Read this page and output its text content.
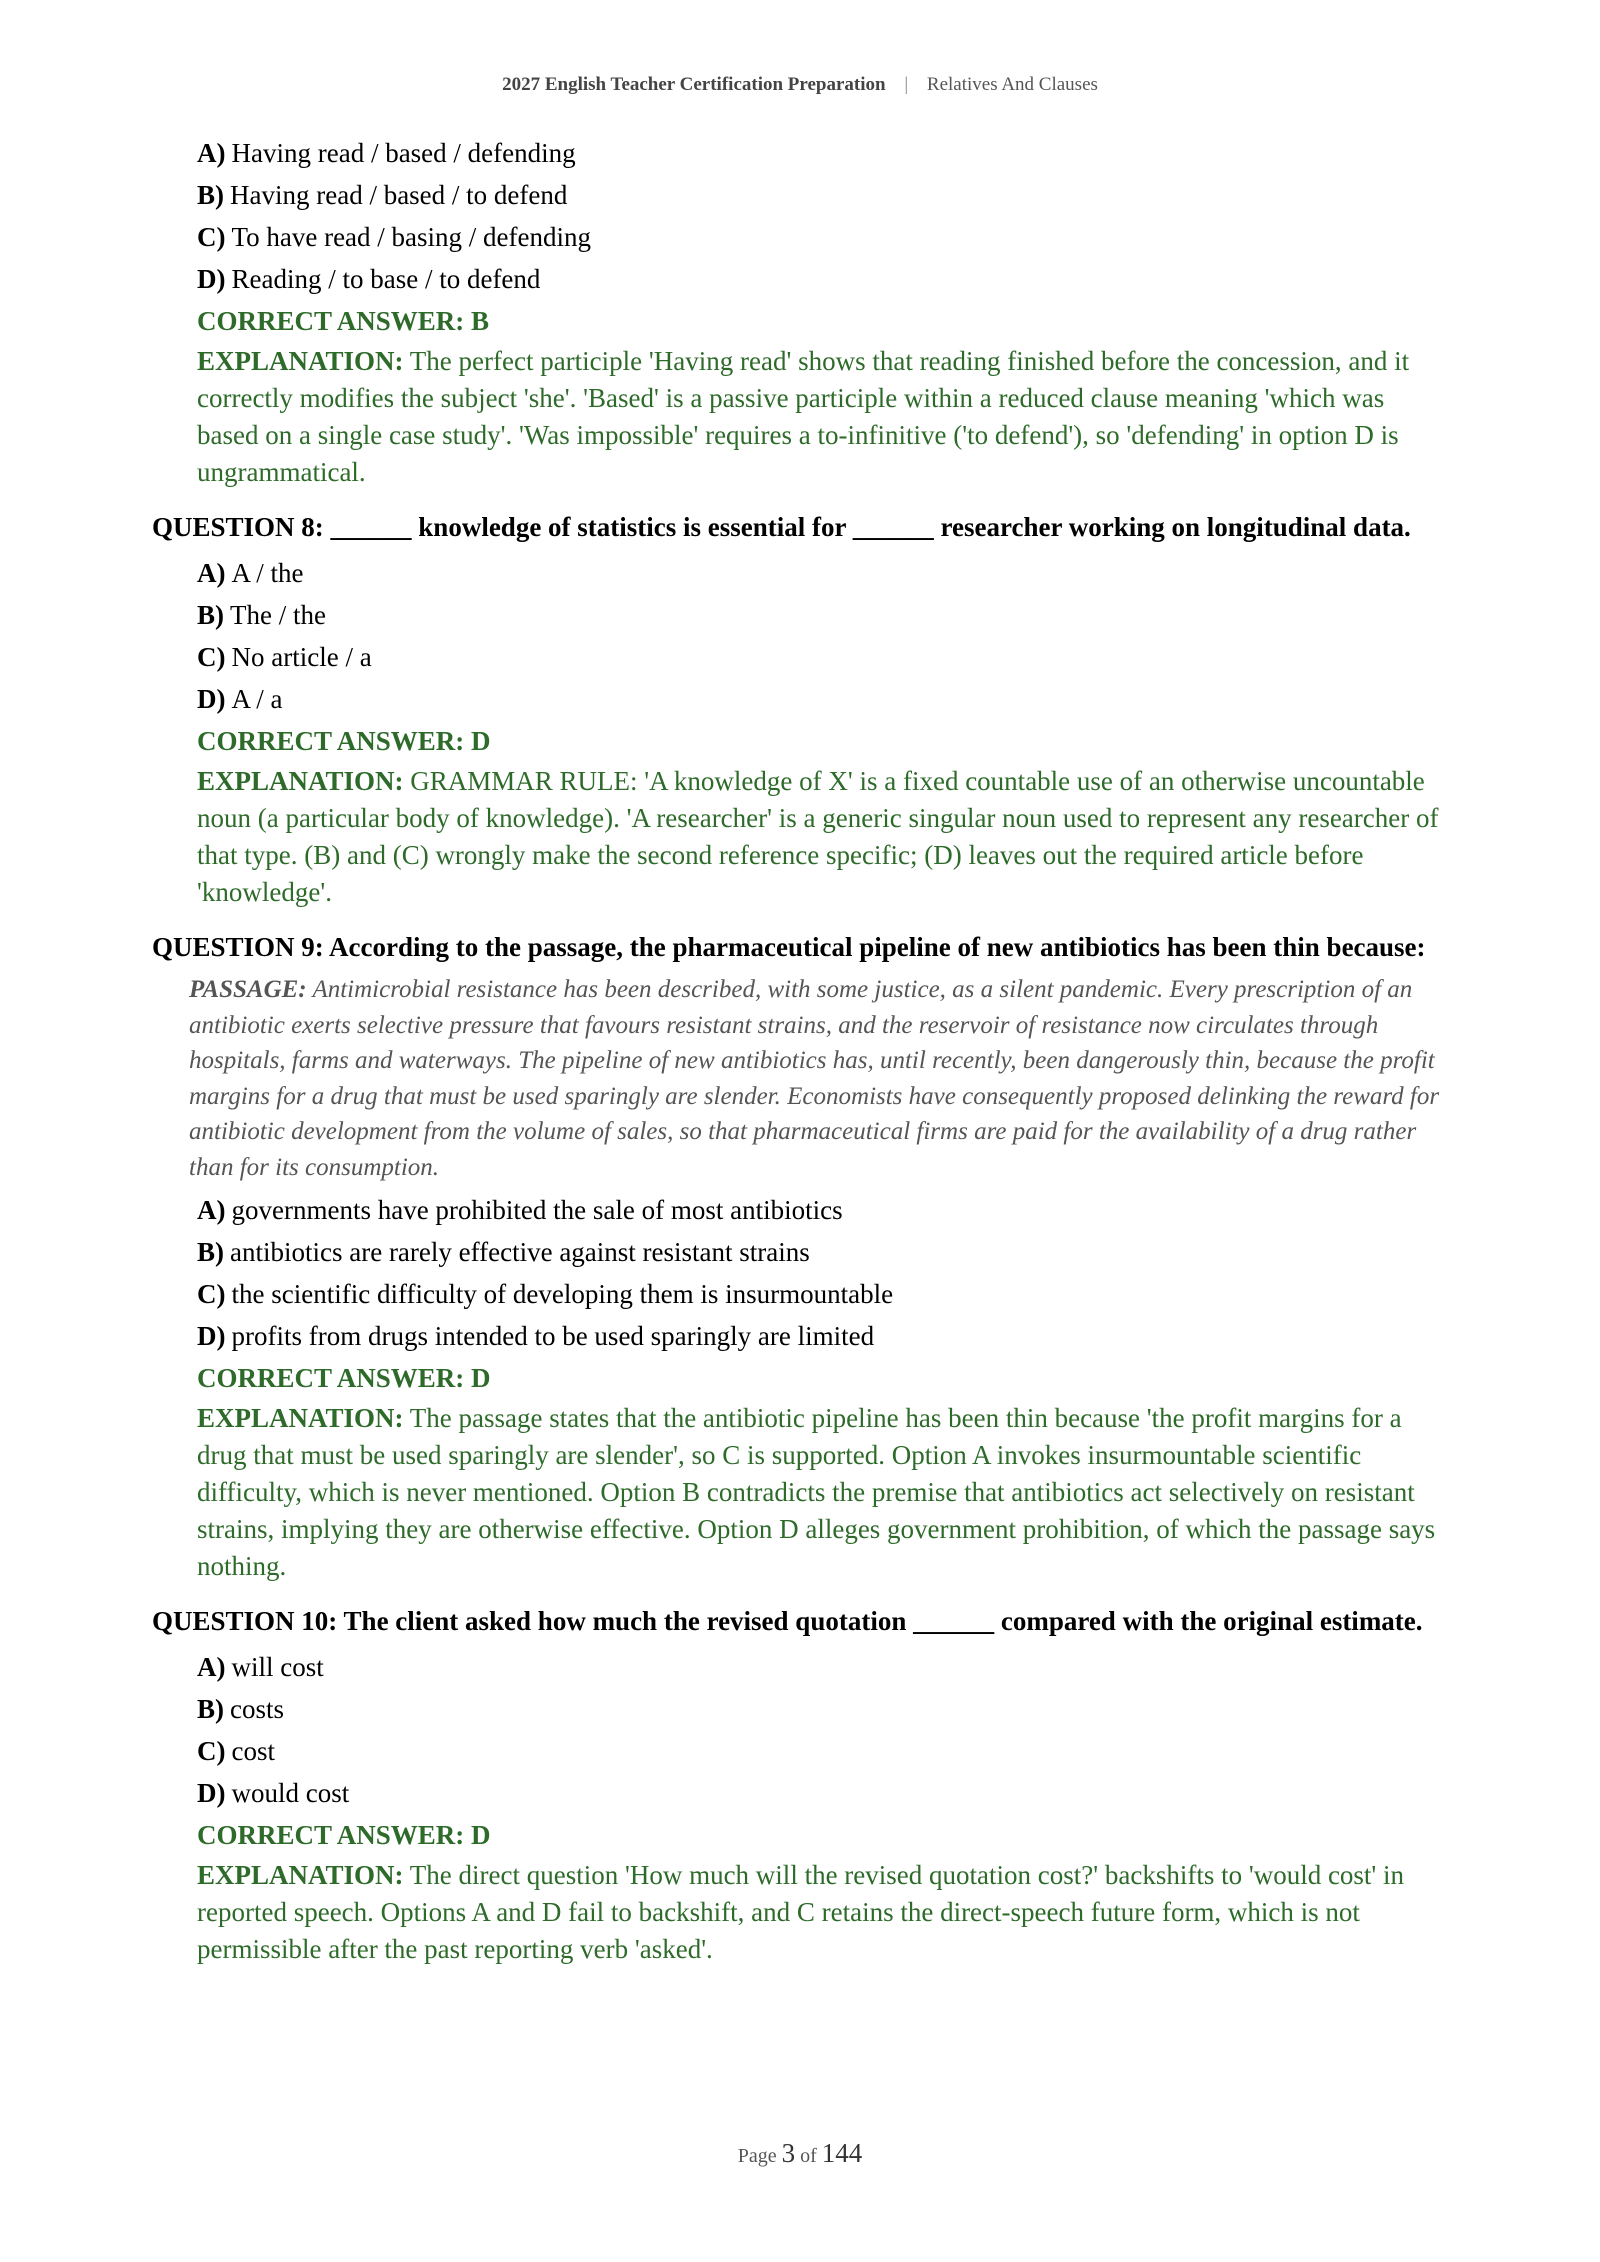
2027 English Teacher Certification Preparation | Relatives And Clauses
A) Having read / based / defending
B) Having read / based / to defend
C) To have read / basing / defending
D) Reading / to base / to defend
CORRECT ANSWER: B
EXPLANATION: The perfect participle 'Having read' shows that reading finished before the concession, and it correctly modifies the subject 'she'. 'Based' is a passive participle within a reduced clause meaning 'which was based on a single case study'. 'Was impossible' requires a to-infinitive ('to defend'), so 'defending' in option D is ungrammatical.
QUESTION 8: ______ knowledge of statistics is essential for ______ researcher working on longitudinal data.
A) A / the
B) The / the
C) No article / a
D) A / a
CORRECT ANSWER: D
EXPLANATION: GRAMMAR RULE: 'A knowledge of X' is a fixed countable use of an otherwise uncountable noun (a particular body of knowledge). 'A researcher' is a generic singular noun used to represent any researcher of that type. (B) and (C) wrongly make the second reference specific; (D) leaves out the required article before 'knowledge'.
QUESTION 9: According to the passage, the pharmaceutical pipeline of new antibiotics has been thin because:
PASSAGE: Antimicrobial resistance has been described, with some justice, as a silent pandemic. Every prescription of an antibiotic exerts selective pressure that favours resistant strains, and the reservoir of resistance now circulates through hospitals, farms and waterways. The pipeline of new antibiotics has, until recently, been dangerously thin, because the profit margins for a drug that must be used sparingly are slender. Economists have consequently proposed delinking the reward for antibiotic development from the volume of sales, so that pharmaceutical firms are paid for the availability of a drug rather than for its consumption.
A) governments have prohibited the sale of most antibiotics
B) antibiotics are rarely effective against resistant strains
C) the scientific difficulty of developing them is insurmountable
D) profits from drugs intended to be used sparingly are limited
CORRECT ANSWER: D
EXPLANATION: The passage states that the antibiotic pipeline has been thin because 'the profit margins for a drug that must be used sparingly are slender', so C is supported. Option A invokes insurmountable scientific difficulty, which is never mentioned. Option B contradicts the premise that antibiotics act selectively on resistant strains, implying they are otherwise effective. Option D alleges government prohibition, of which the passage says nothing.
QUESTION 10: The client asked how much the revised quotation ______ compared with the original estimate.
A) will cost
B) costs
C) cost
D) would cost
CORRECT ANSWER: D
EXPLANATION: The direct question 'How much will the revised quotation cost?' backshifts to 'would cost' in reported speech. Options A and D fail to backshift, and C retains the direct-speech future form, which is not permissible after the past reporting verb 'asked'.
Page 3 of 144
